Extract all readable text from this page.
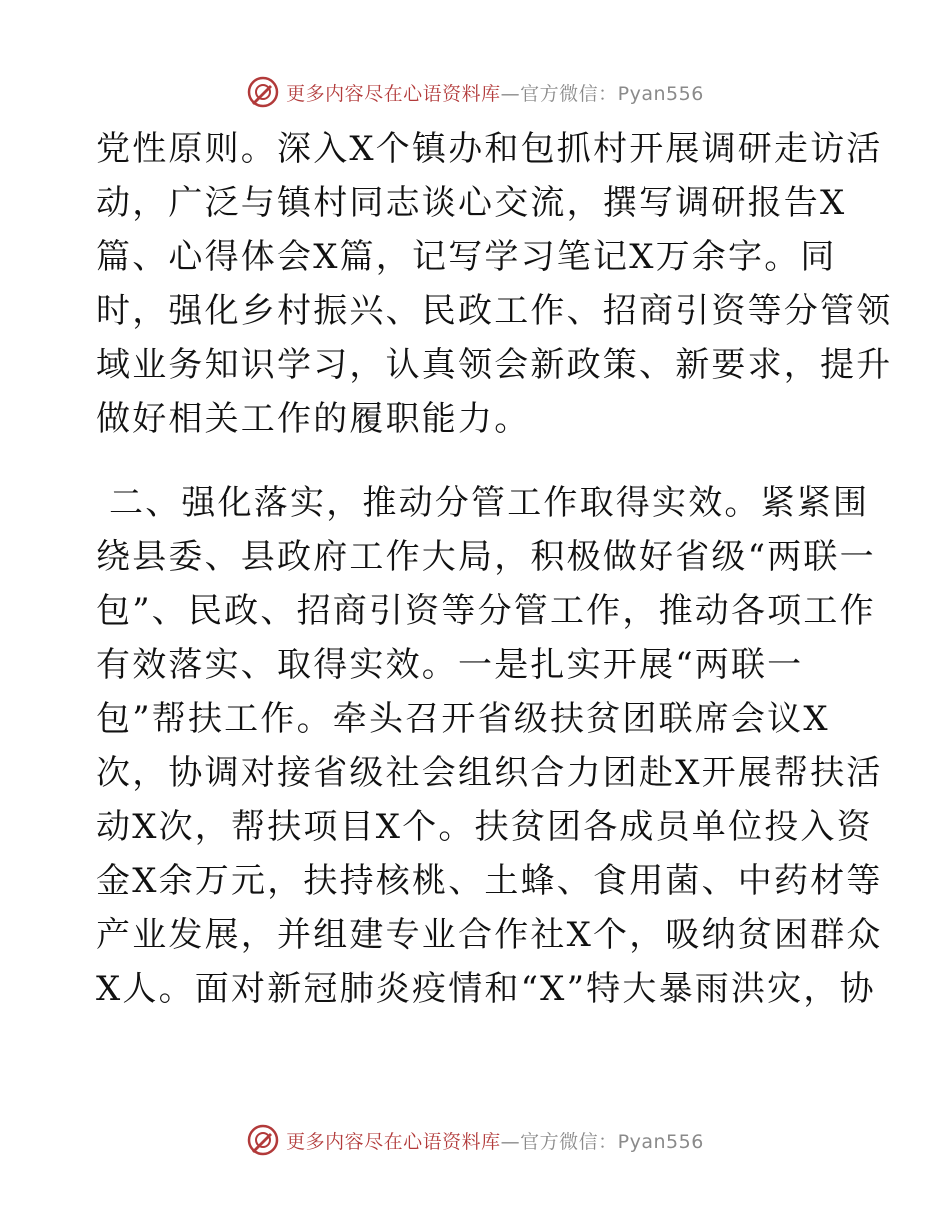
更多内容尽在心语资料库—官方微信：Pyan556
党性原则。深入X个镇办和包抓村开展调研走访活
动，广泛与镇村同志谈心交流，撰写调研报告X
篇、心得体会X篇，记写学习笔记X万余字。同
时，强化乡村振兴、民政工作、招商引资等分管领
域业务知识学习，认真领会新政策、新要求，提升
做好相关工作的履职能力。
二、强化落实，推动分管工作取得实效。紧紧围
绕县委、县政府工作大局，积极做好省级“两联一
包”、民政、招商引资等分管工作，推动各项工作
有效落实、取得实效。一是扎实开展“两联一
包”帮扶工作。牵头召开省级扶贫团联席会议X
次，协调对接省级社会组织合力团赴X开展帮扶活
动X次，帮扶项目X个。扶贫团各成员单位投入资
金X余万元，扶持核桃、土蜂、食用菌、中药材等
产业发展，并组建专业合作社X个，吸纳贫困群众
X人。面对新冠肺炎疫情和“X”特大暴雨洪灾，协
更多内容尽在心语资料库—官方微信：Pyan556
